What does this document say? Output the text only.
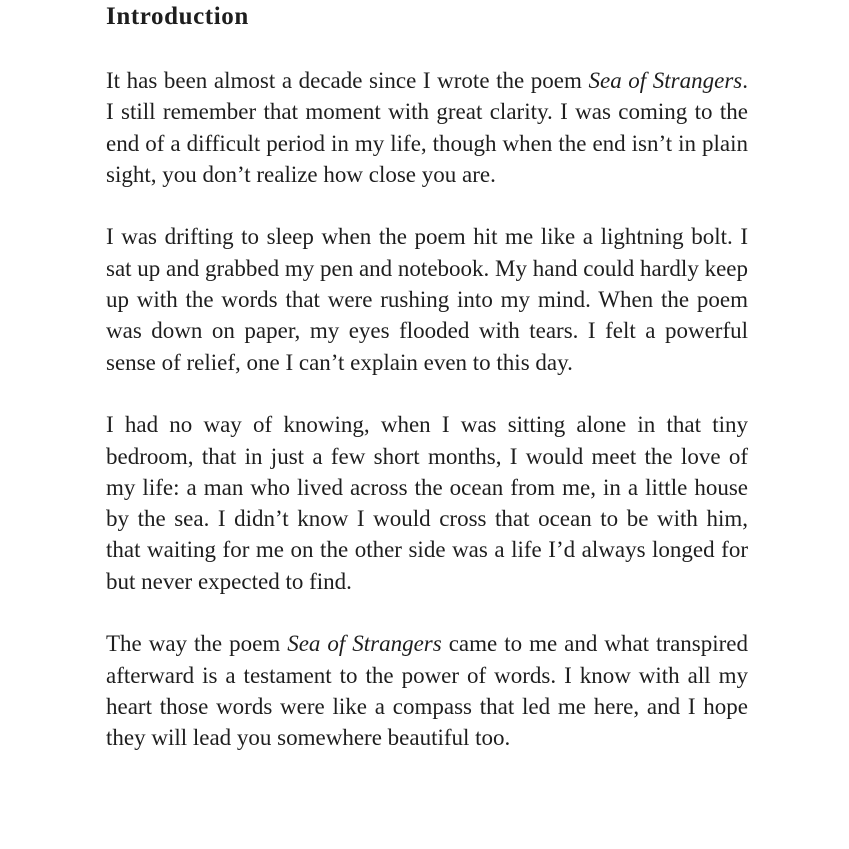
Introduction

It has been almost a decade since I wrote the poem Sea of Strangers. I still remember that moment with great clarity. I was coming to the end of a difficult period in my life, though when the end isn’t in plain sight, you don’t realize how close you are.

I was drifting to sleep when the poem hit me like a lightning bolt. I sat up and grabbed my pen and notebook. My hand could hardly keep up with the words that were rushing into my mind. When the poem was down on paper, my eyes flooded with tears. I felt a powerful sense of relief, one I can’t explain even to this day.

I had no way of knowing, when I was sitting alone in that tiny bedroom, that in just a few short months, I would meet the love of my life: a man who lived across the ocean from me, in a little house by the sea. I didn’t know I would cross that ocean to be with him, that waiting for me on the other side was a life I’d always longed for but never expected to find.

The way the poem Sea of Strangers came to me and what transpired afterward is a testament to the power of words. I know with all my heart those words were like a compass that led me here, and I hope they will lead you somewhere beautiful too.
